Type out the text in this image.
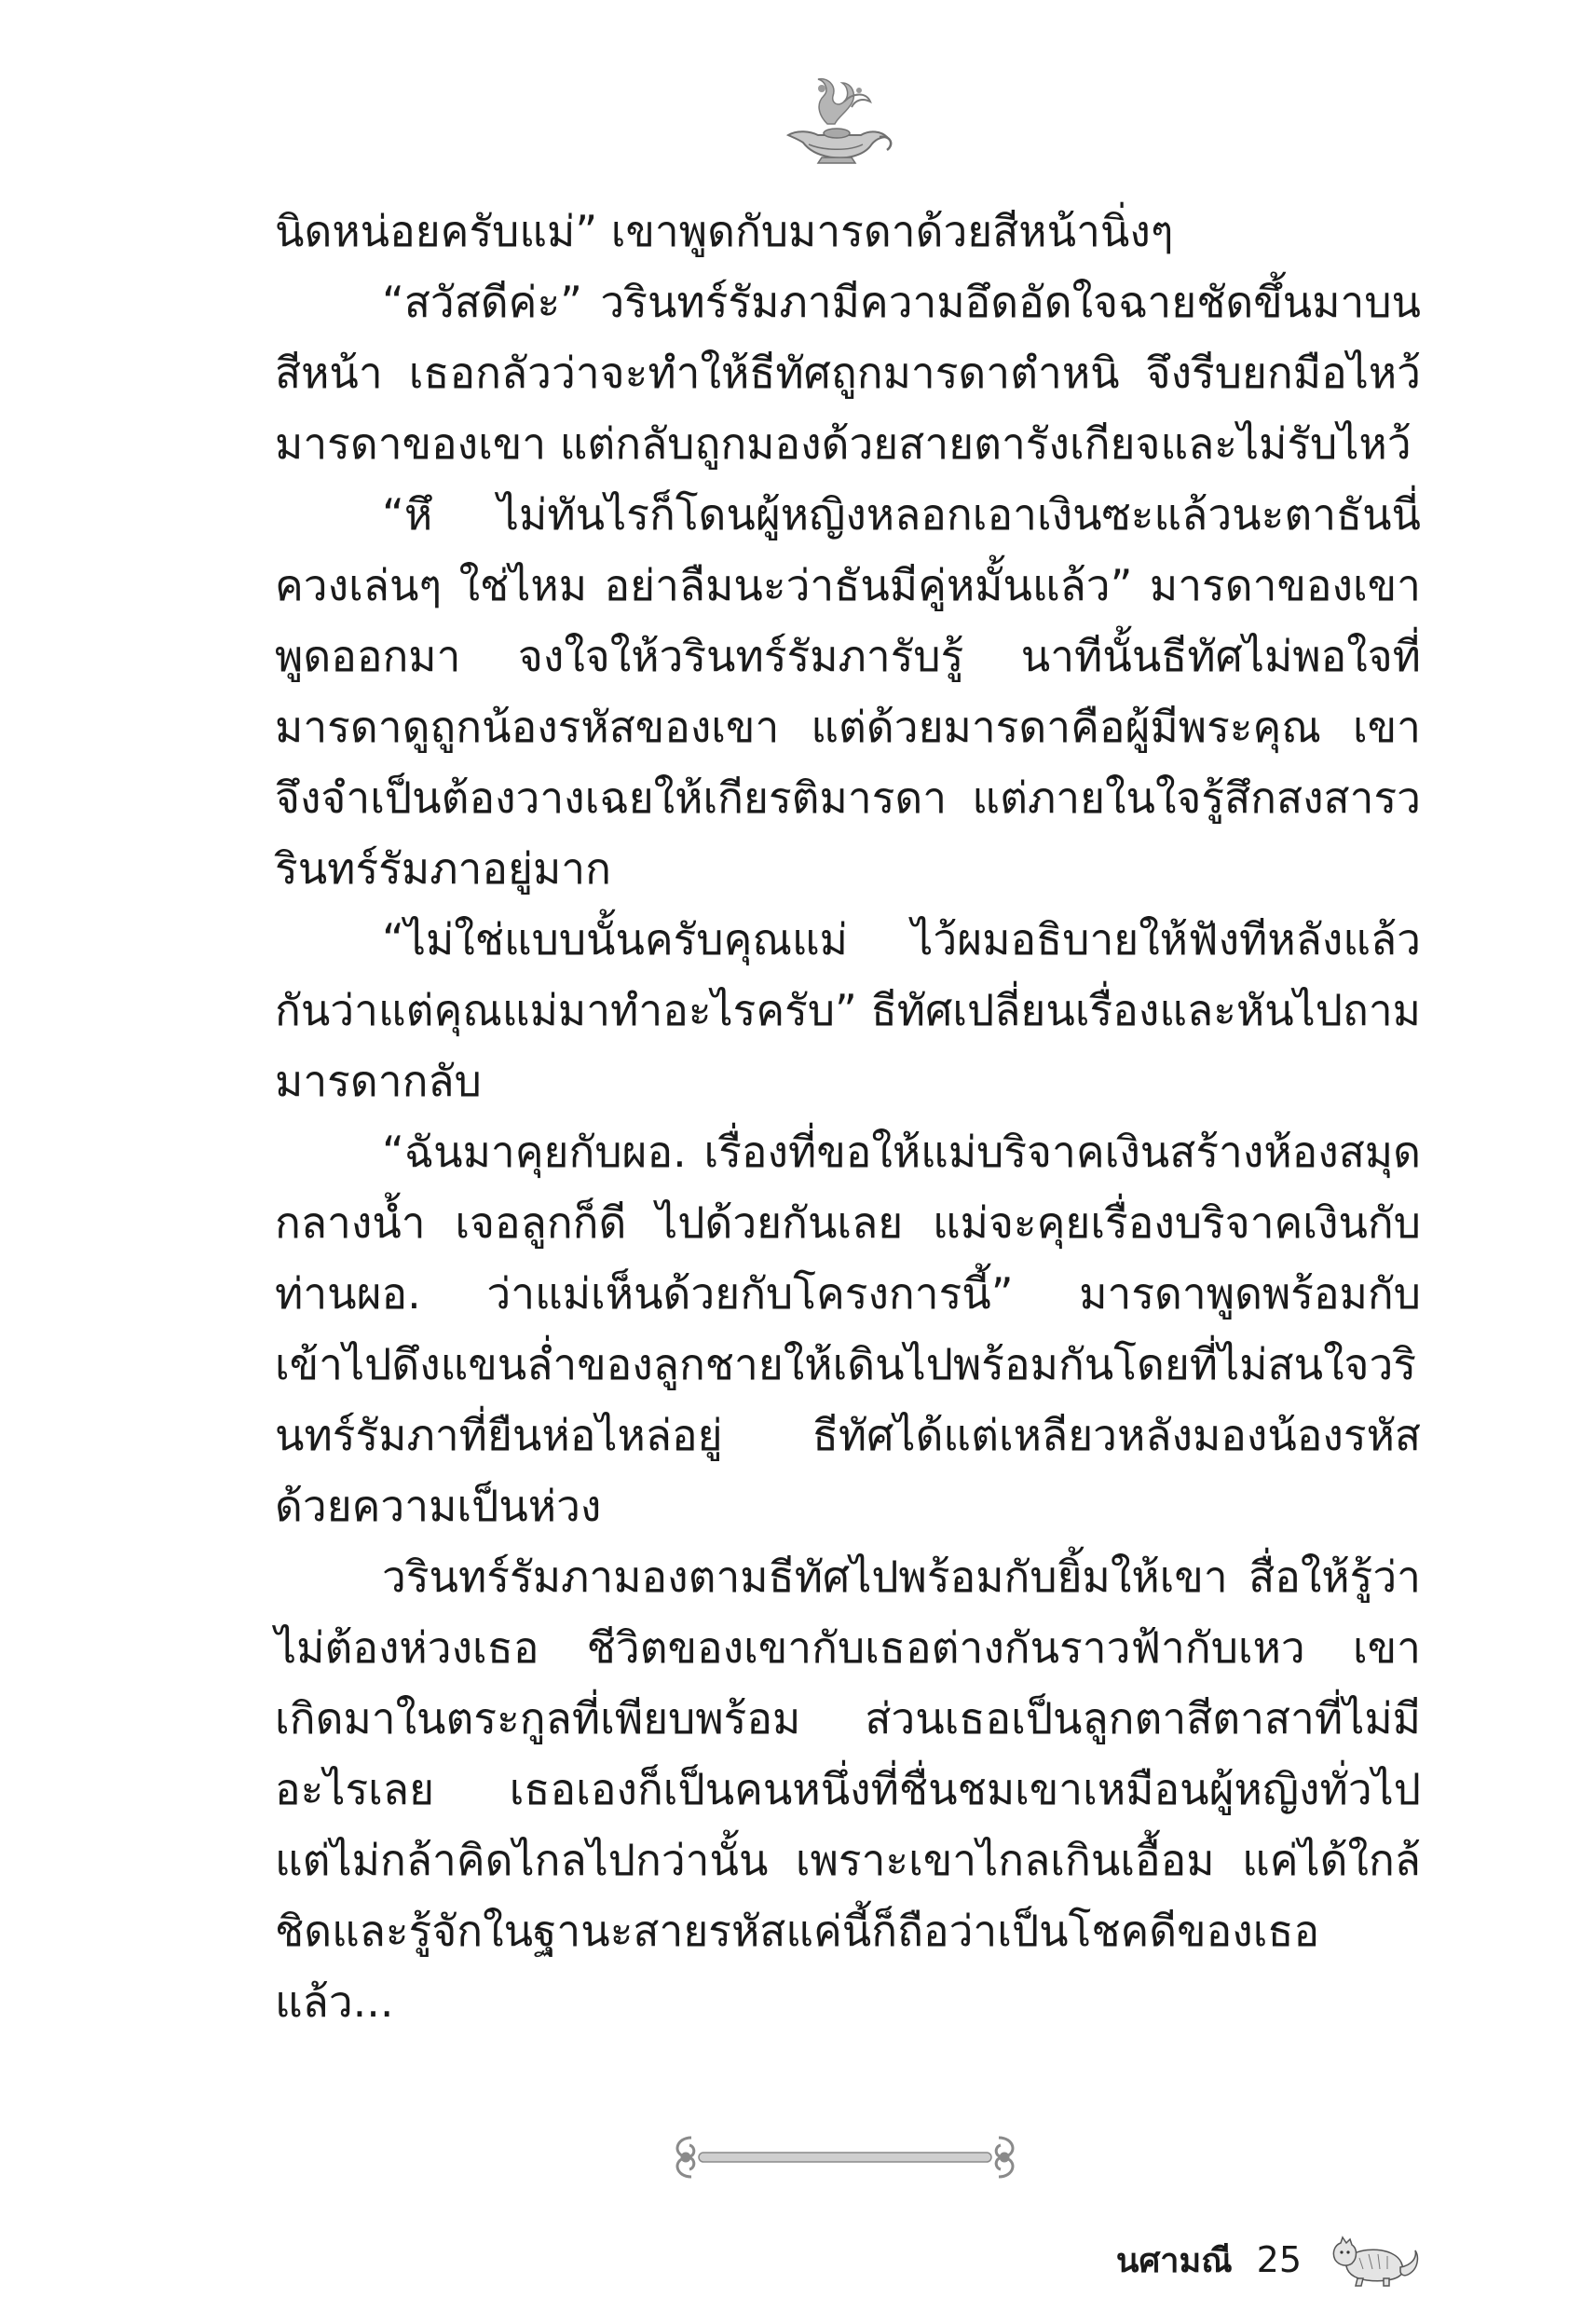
นิดหน่อยครับแม่” เขาพูดกับมารดาด้วยสีหน้านิ่งๆ

“สวัสดีค่ะ” วรินทร์รัมภามีความอึดอัดใจฉายชัดขึ้นมาบนสีหน้า เธอกลัวว่าจะทำให้ธีทัศถูกมารดาตำหนิ จึงรีบยกมือไหว้มารดาของเขา แต่กลับถูกมองด้วยสายตารังเกียจและไม่รับไหว้

“หึ ไม่ทันไรก็โดนผู้หญิงหลอกเอาเงินซะแล้วนะตาธันนี่ควงเล่นๆ ใช่ไหม อย่าลืมนะว่าธันมีคู่หมั้นแล้ว” มารดาของเขาพูดออกมา จงใจให้วรินทร์รัมภารับรู้ นาทีนั้นธีทัศไม่พอใจที่มารดาดูถูกน้องรหัสของเขา แต่ด้วยมารดาคือผู้มีพระคุณ เขาจึงจำเป็นต้องวางเฉยให้เกียรติมารดา แต่ภายในใจรู้สึกสงสารวรินทร์รัมภาอยู่มาก

“ไม่ใช่แบบนั้นครับคุณแม่ ไว้ผมอธิบายให้ฟังทีหลังแล้วกันว่าแต่คุณแม่มาทำอะไรครับ” ธีทัศเปลี่ยนเรื่องและหันไปถามมารดากลับ

“ฉันมาคุยกับผอ. เรื่องที่ขอให้แม่บริจาคเงินสร้างห้องสมุดกลางน้ำ เจอลูกก็ดี ไปด้วยกันเลย แม่จะคุยเรื่องบริจาคเงินกับท่านผอ. ว่าแม่เห็นด้วยกับโครงการนี้” มารดาพูดพร้อมกับเข้าไปดึงแขนล่ำของลูกชายให้เดินไปพร้อมกันโดยที่ไม่สนใจวรินทร์รัมภาที่ยืนห่อไหล่อยู่ ธีทัศได้แต่เหลียวหลังมองน้องรหัสด้วยความเป็นห่วง

วรินทร์รัมภามองตามธีทัศไปพร้อมกับยิ้มให้เขา สื่อให้รู้ว่าไม่ต้องห่วงเธอ ชีวิตของเขากับเธอต่างกันราวฟ้ากับเหว เขาเกิดมาในตระกูลที่เพียบพร้อม ส่วนเธอเป็นลูกตาสีตาสาที่ไม่มีอะไรเลย เธอเองก็เป็นคนหนึ่งที่ชื่นชมเขาเหมือนผู้หญิงทั่วไป แต่ไม่กล้าคิดไกลไปกว่านั้น เพราะเขาไกลเกินเอื้อม แค่ได้ใกล้ชิดและรู้จักในฐานะสายรหัสแค่นี้ก็ถือว่าเป็นโชคดีของเธอแล้ว...

นศามณี 25
